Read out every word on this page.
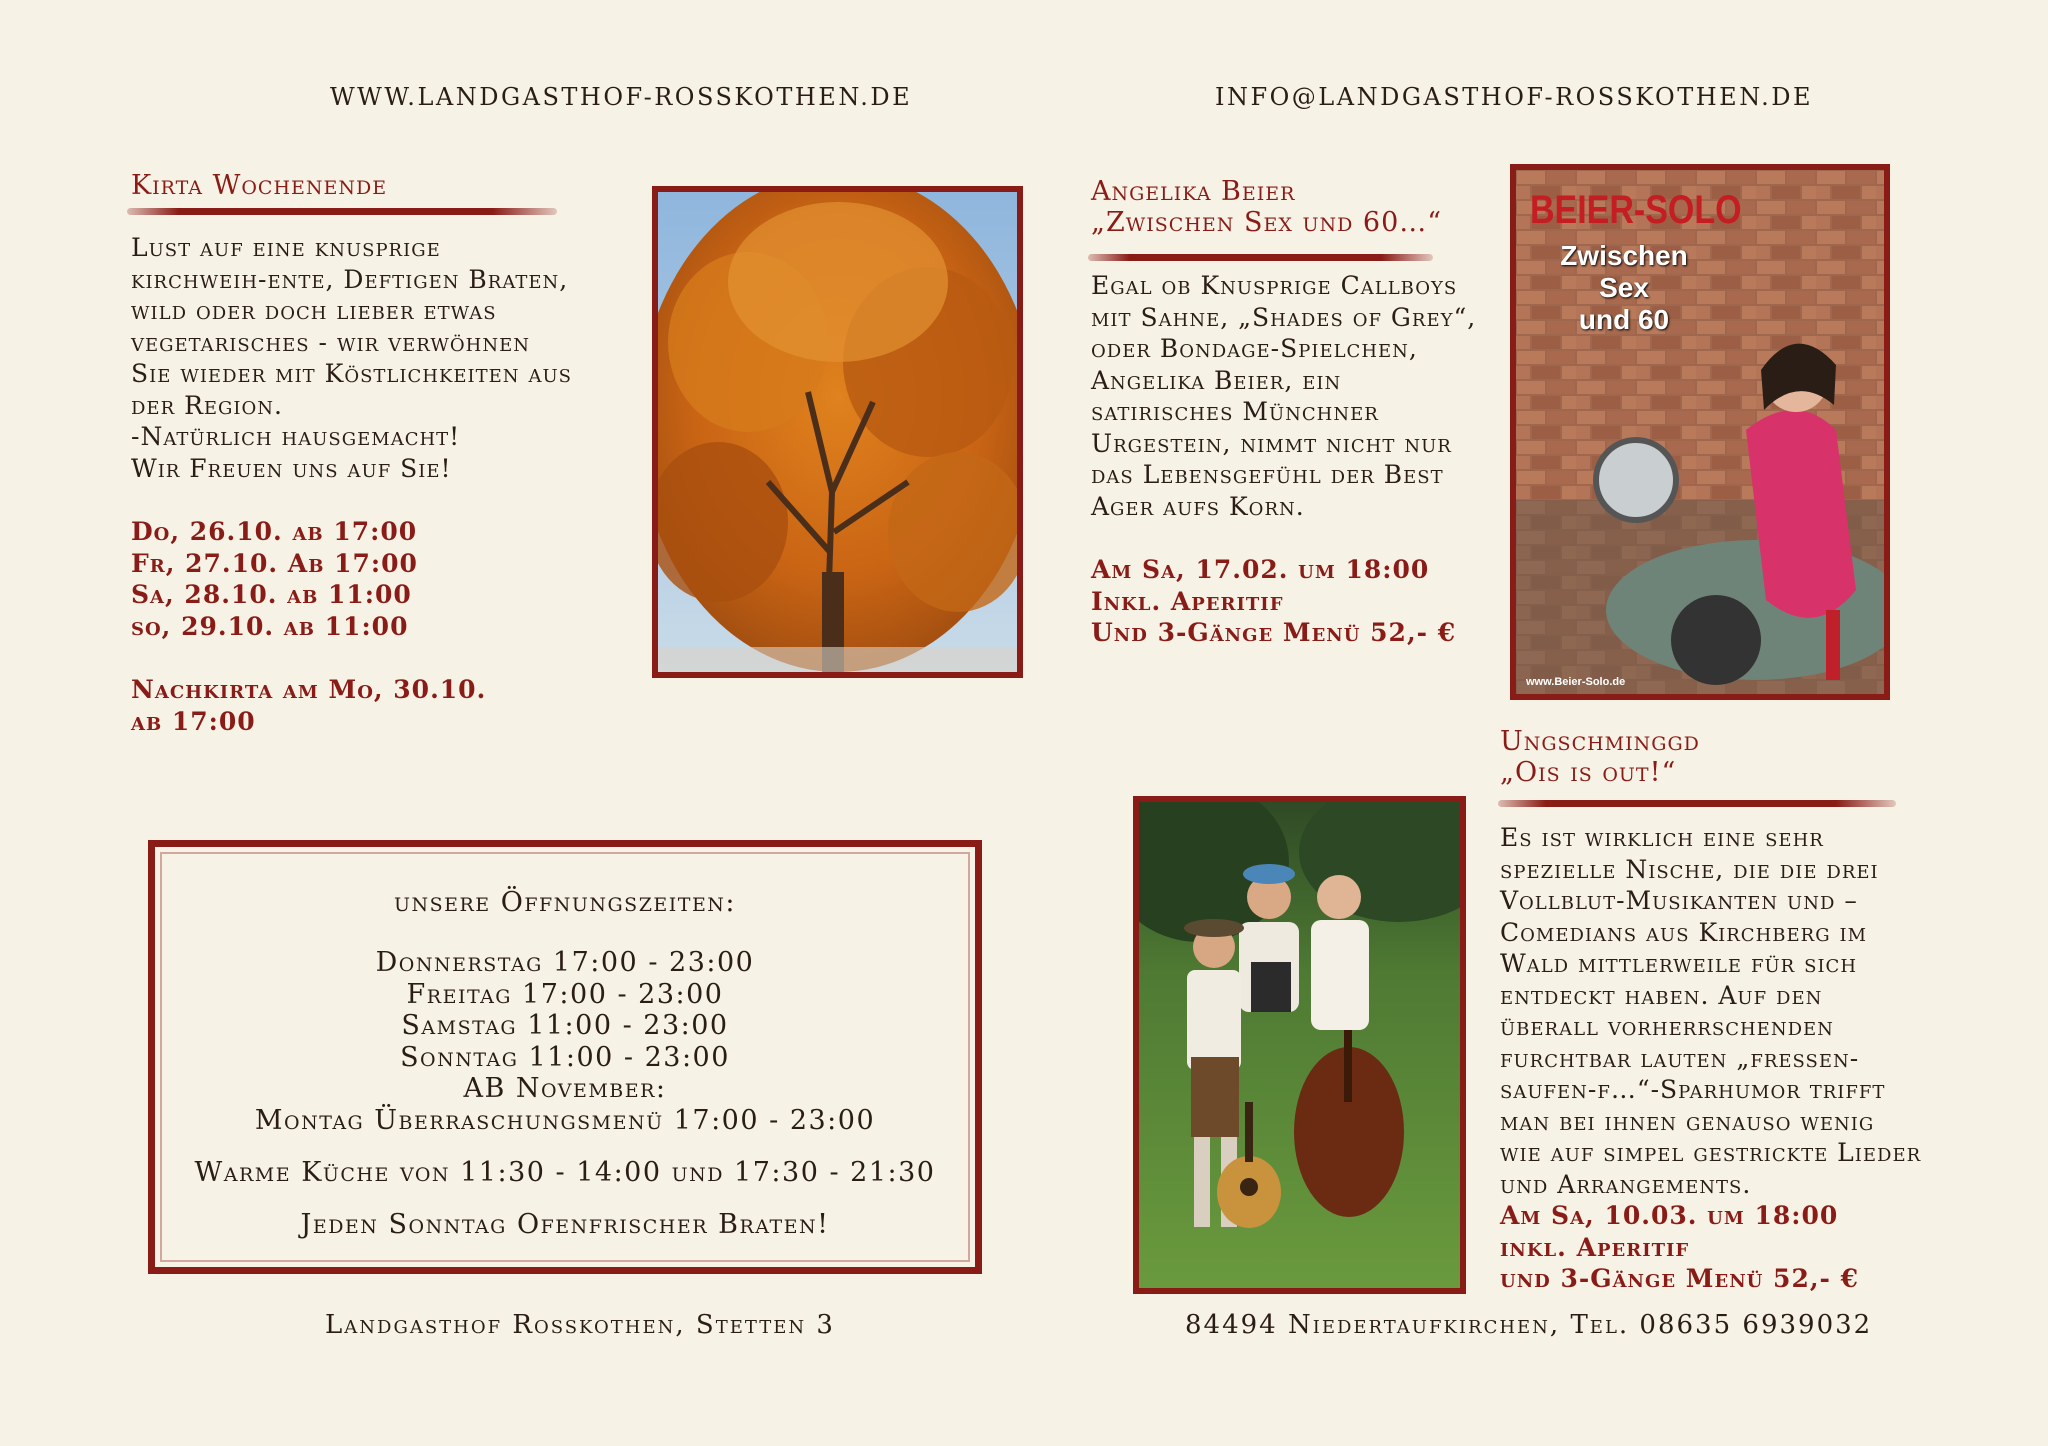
WWW.LANDGASTHOF-ROSSKOTHEN.DE	INFO@LANDGASTHOF-ROSSKOTHEN.DE
Kirta Wochenende
Lust auf eine knusprige
kirchweih-ente, Deftigen Braten,
wild oder doch lieber etwas
vegetarisches - wir verwöhnen
Sie wieder mit Köstlichkeiten aus
der Region.
-Natürlich hausgemacht!
Wir Freuen uns auf Sie!
Do, 26.10. ab 17:00
Fr, 27.10. Ab 17:00
Sa, 28.10. ab 11:00
so, 29.10. ab 11:00
Nachkirta am Mo, 30.10.
ab 17:00
Angelika Beier
„Zwischen Sex und 60…“
Egal ob Knusprige Callboys
mit Sahne, „Shades of Grey“,
oder Bondage-Spielchen,
Angelika Beier, ein
satirisches Münchner
Urgestein, nimmt nicht nur
das Lebensgefühl der Best
Ager aufs Korn.
Am Sa, 17.02. um 18:00
Inkl. Aperitif
Und 3-Gänge Menü 52,- €
BEIER-SOLO
Zwischen
Sex
und 60
www.Beier-Solo.de
unsere Öffnungszeiten:
Donnerstag 17:00 - 23:00
Freitag 17:00 - 23:00
Samstag 11:00 - 23:00
Sonntag 11:00 - 23:00
AB November:
Montag Überraschungsmenü 17:00 - 23:00
Warme Küche von 11:30 - 14:00 und 17:30 - 21:30
Jeden Sonntag Ofenfrischer Braten!
Ungschminggd
„Ois is out!“
Es ist wirklich eine sehr
spezielle Nische, die die drei
Vollblut-Musikanten und –
Comedians aus Kirchberg im
Wald mittlerweile für sich
entdeckt haben. Auf den
überall vorherrschenden
furchtbar lauten „fressen-
saufen-f…“-Sparhumor trifft
man bei ihnen genauso wenig
wie auf simpel gestrickte Lieder
und Arrangements.
Am Sa, 10.03. um 18:00
inkl. Aperitif
und 3-Gänge Menü 52,- €
Landgasthof Rosskothen, Stetten 3	84494 Niedertaufkirchen, Tel. 08635 6939032
